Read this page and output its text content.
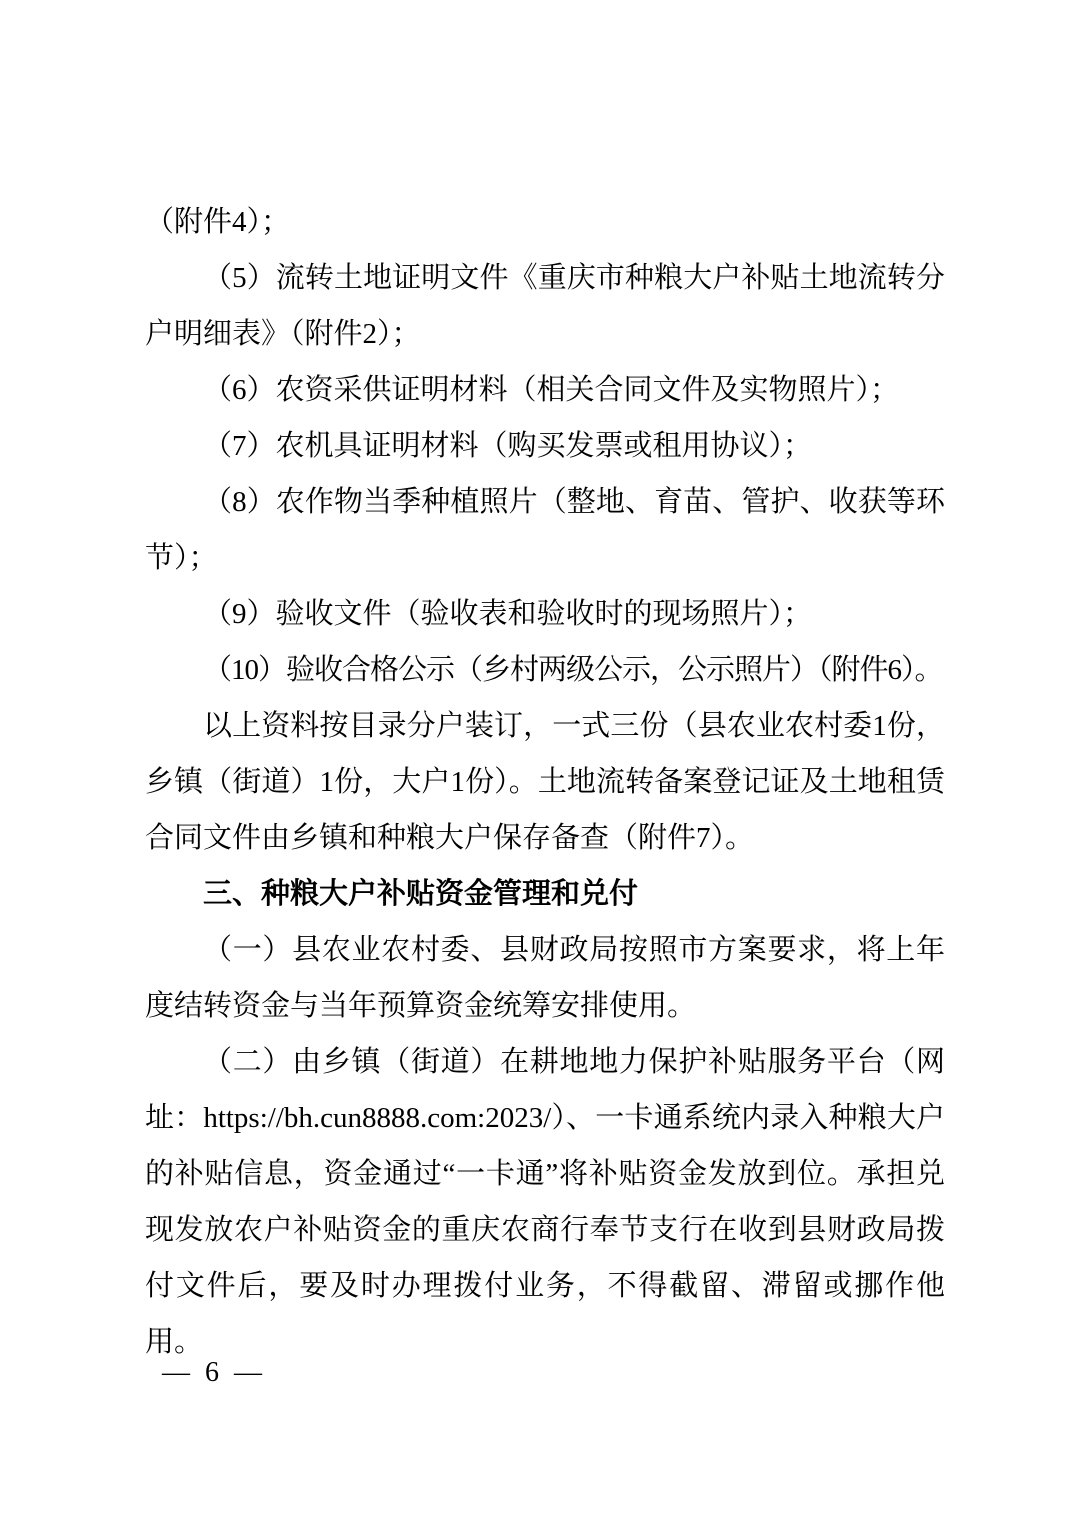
（附件4）；

（5）流转土地证明文件《重庆市种粮大户补贴土地流转分户明细表》（附件2）；

（6）农资采供证明材料（相关合同文件及实物照片）；

（7）农机具证明材料（购买发票或租用协议）；

（8）农作物当季种植照片（整地、育苗、管护、收获等环节）；

（9）验收文件（验收表和验收时的现场照片）；

（10）验收合格公示（乡村两级公示，公示照片）（附件6）。

以上资料按目录分户装订，一式三份（县农业农村委1份，乡镇（街道）1份，大户1份）。土地流转备案登记证及土地租赁合同文件由乡镇和种粮大户保存备查（附件7）。

三、种粮大户补贴资金管理和兑付

（一）县农业农村委、县财政局按照市方案要求，将上年度结转资金与当年预算资金统筹安排使用。

（二）由乡镇（街道）在耕地地力保护补贴服务平台（网址：https://bh.cun8888.com:2023/）、一卡通系统内录入种粮大户的补贴信息，资金通过“一卡通”将补贴资金发放到位。承担兑现发放农户补贴资金的重庆农商行奉节支行在收到县财政局拨付文件后，要及时办理拨付业务，不得截留、滞留或挪作他用。

— 6 —
